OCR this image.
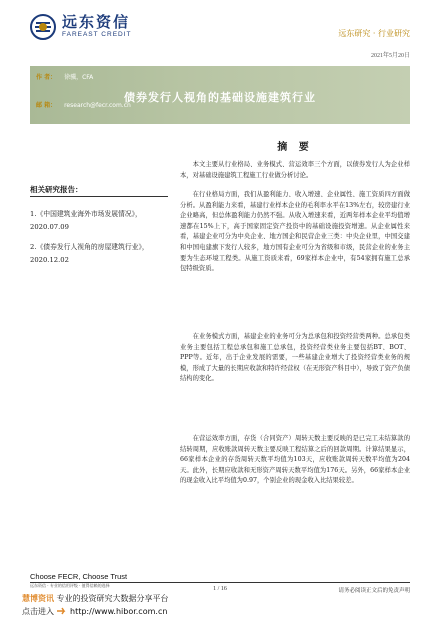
远东资信
FAREAST CREDIT	远东研究 · 行业研究
2021年5月20日
作 者： 徐骥，CFA
债券发行人视角的基础设施建筑行业
邮 箱： research@fecr.com.cn
摘 要
相关研究报告：
1.《中国建筑业海外市场发展情况》，2020.07.09
2.《债券发行人视角的房屋建筑行业》，2020.12.02

本文主要从行业格局、业务模式、营运效率三个方面，以债券发行人为企业样本，对基础设施建筑工程施工行业做分析讨论。

在行业格局方面，我们从盈利能力、收入增速、企业属性、施工资质四方面做分析。从盈利能力来看，基建行业样本企业的毛利率水平在13%左右，较房建行业企业略高，但总体盈利能力仍然不强。从收入增速来看，近两年样本企业平均值增速都在15%上下，高于国家固定资产投资中的基础设施投资增速。从企业属性来看，基建企业可分为中央企业、地方国企和民营企业三类：中央企业里，中国交建和中国电建旗下发行人较多，地方国有企业可分为省级和市级，民营企业的业务主要为生态环境工程类。从施工资质来看，69家样本企业中，有54家拥有施工总承包特级资质。

在业务模式方面，基建企业的业务可分为总承包和投资经营类两种。总承包类业务主要包括工程总承包和施工总承包，投资经营类业务主要包括BT、BOT、PPP等。近年，出于企业发展的需要，一些基建企业增大了投资经营类业务的规模，形成了大量的长期应收款和特许经营权（在无形资产科目中），导致了资产负债结构的变化。

在营运效率方面，存货（合同资产）周转天数主要反映的是已完工未结算款的结转周期，应收账款周转天数主要反映工程结算之后的回款周期。计算结果显示，66家样本企业的存货周转天数平均值为103天，应收账款周转天数平均值为204天。此外，长期应收款和无形资产周转天数平均值为176天。另外，66家样本企业的现金收入比平均值为0.97，个别企业的现金收入比结果较差。

Choose FECR, Choose Trust
远东资信 · 专业的信用评级 · 值得信赖的选择
1 / 16	请务必阅读正文后的免责声明
慧博资讯 专业的投资研究大数据分享平台
点击进入 http://www.hibor.com.cn
